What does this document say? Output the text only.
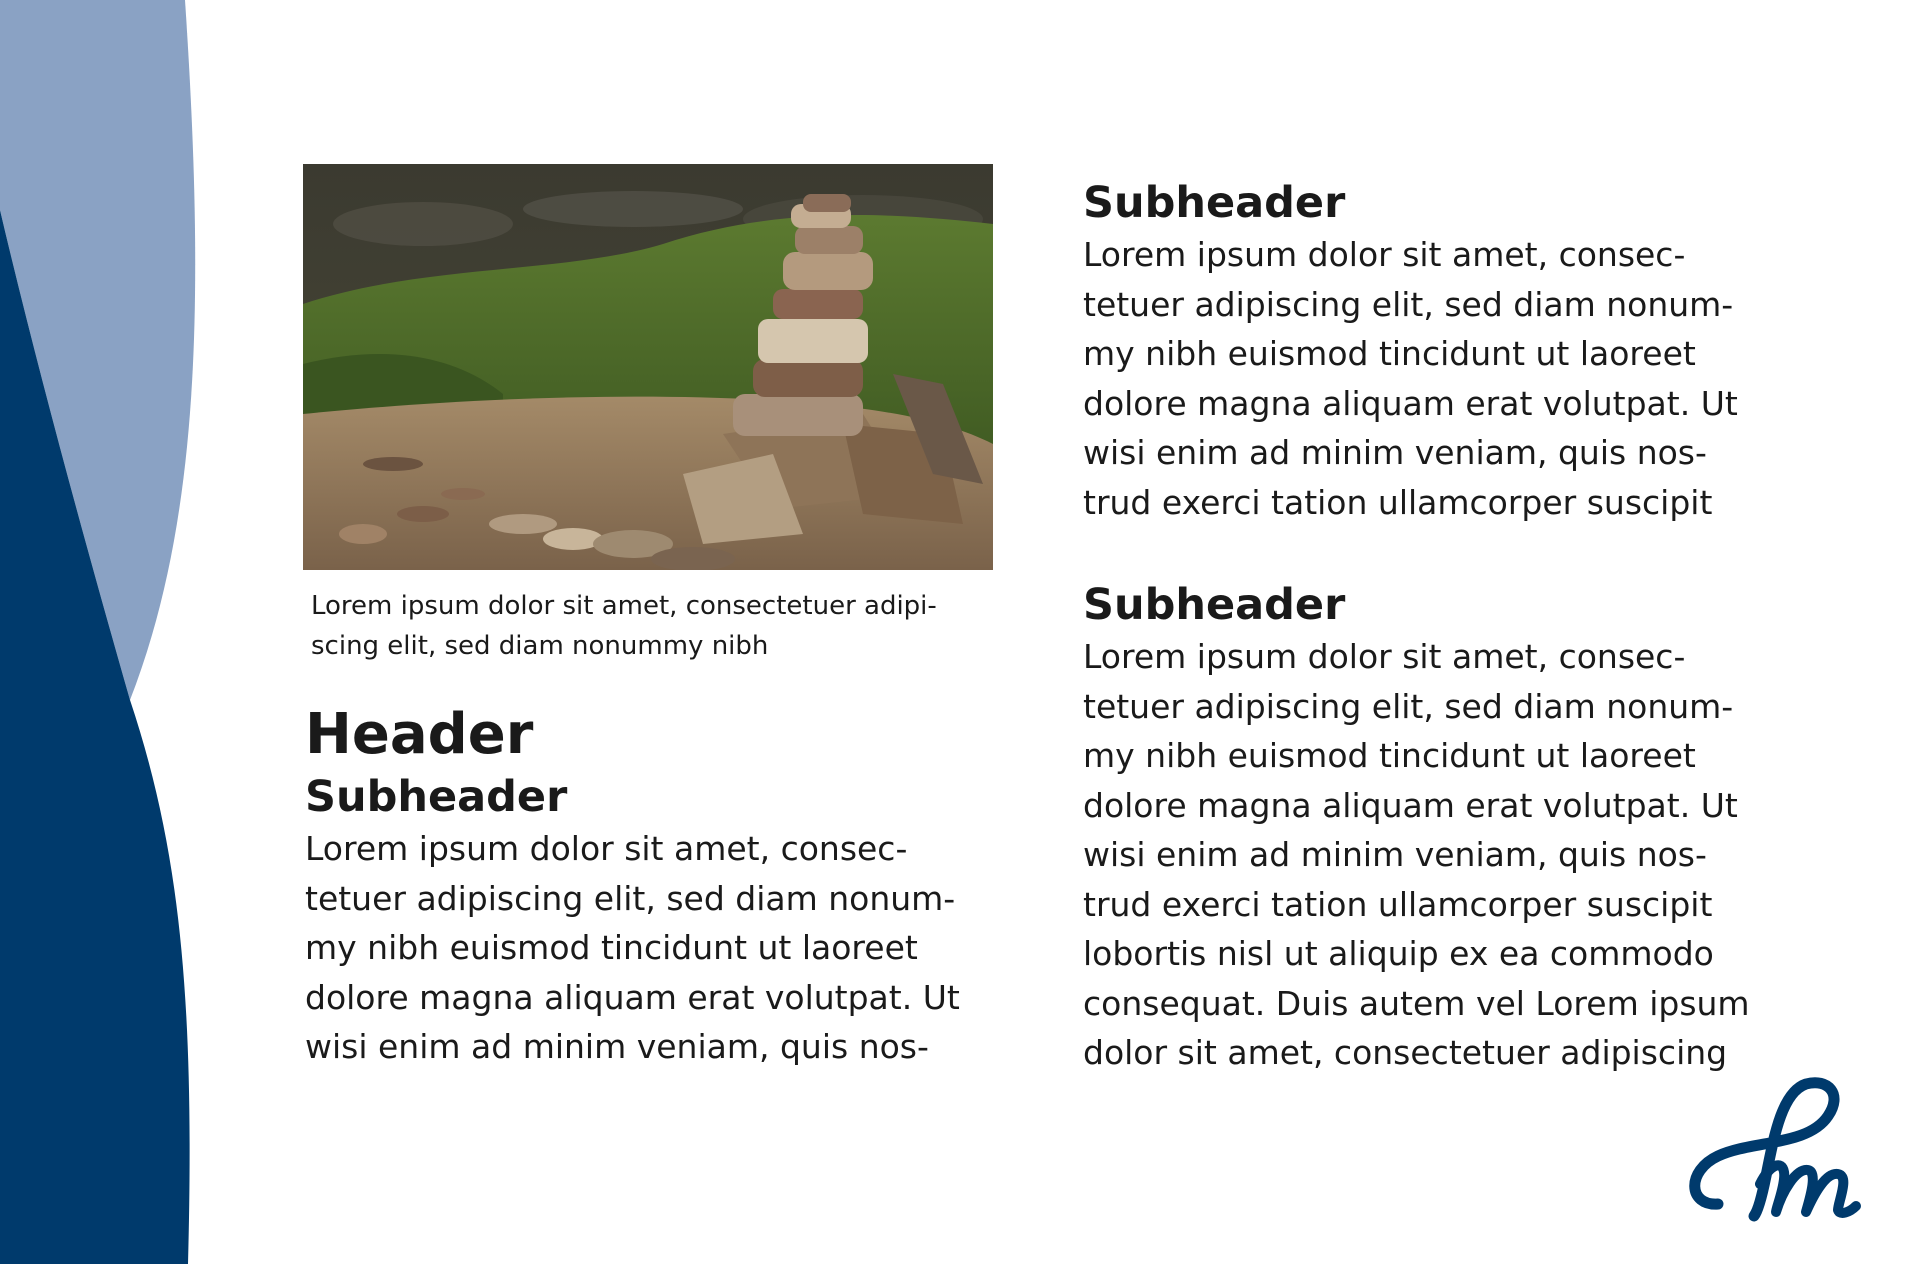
Lorem ipsum dolor sit amet, consectetuer adipi-
scing elit, sed diam nonummy nibh
Header
Subheader

Lorem ipsum dolor sit amet, consec-
tetuer adipiscing elit, sed diam nonum-
my nibh euismod tincidunt ut laoreet
dolore magna aliquam erat volutpat. Ut
wisi enim ad minim veniam, quis nos-

Subheader

Lorem ipsum dolor sit amet, consec-
tetuer adipiscing elit, sed diam nonum-
my nibh euismod tincidunt ut laoreet
dolore magna aliquam erat volutpat. Ut
wisi enim ad minim veniam, quis nos-
trud exerci tation ullamcorper suscipit

Subheader

Lorem ipsum dolor sit amet, consec-
tetuer adipiscing elit, sed diam nonum-
my nibh euismod tincidunt ut laoreet
dolore magna aliquam erat volutpat. Ut
wisi enim ad minim veniam, quis nos-
trud exerci tation ullamcorper suscipit
lobortis nisl ut aliquip ex ea commodo
consequat. Duis autem vel Lorem ipsum
dolor sit amet, consectetuer adipiscing
